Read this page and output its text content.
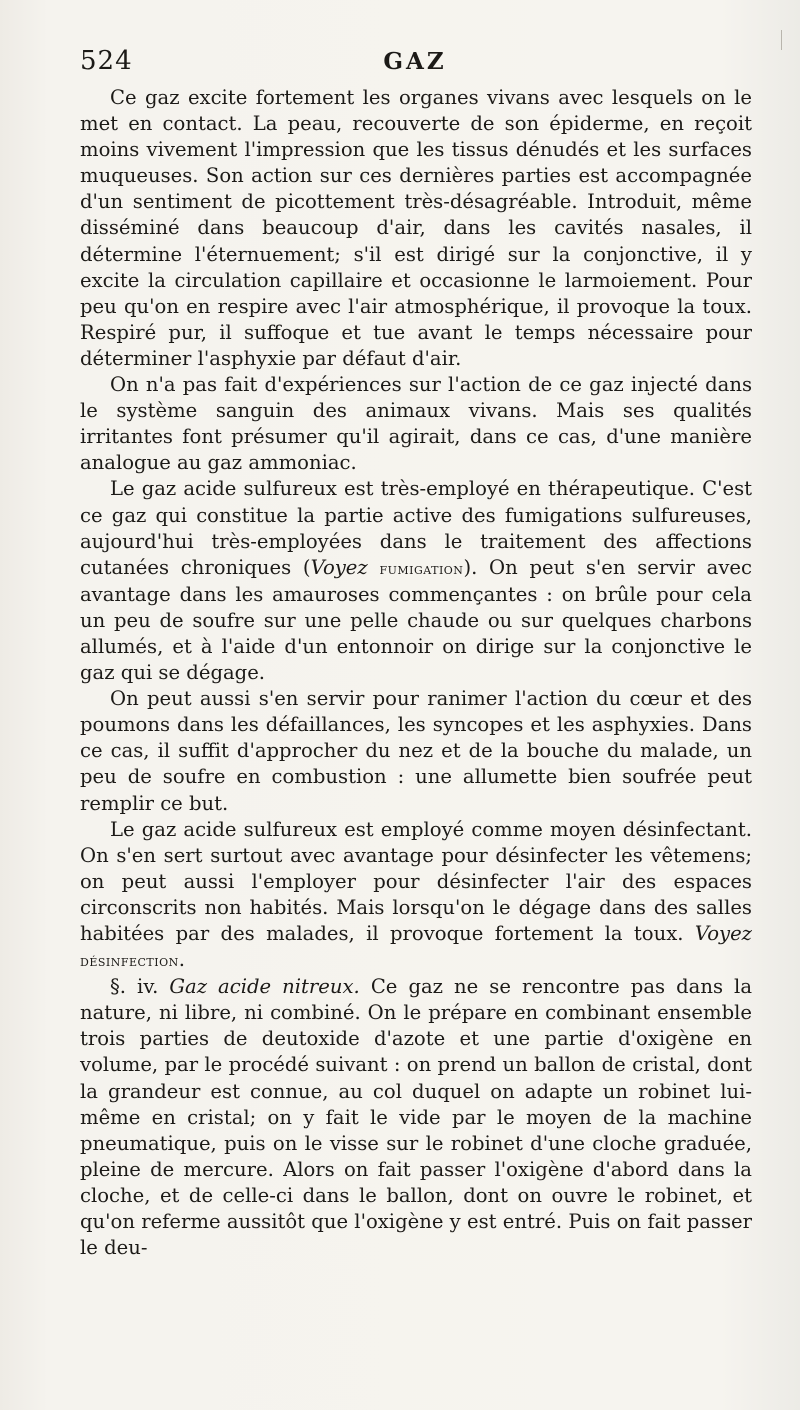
524	GAZ

Ce gaz excite fortement les organes vivans avec lesquels on le met en contact. La peau, recouverte de son épiderme, en reçoit moins vivement l'impression que les tissus dénudés et les surfaces muqueuses. Son action sur ces dernières parties est accompagnée d'un sentiment de picottement très-désagréable. Introduit, même disséminé dans beaucoup d'air, dans les cavités nasales, il détermine l'éternuement; s'il est dirigé sur la conjonctive, il y excite la circulation capillaire et occasionne le larmoiement. Pour peu qu'on en respire avec l'air atmosphérique, il provoque la toux. Respiré pur, il suffoque et tue avant le temps nécessaire pour déterminer l'asphyxie par défaut d'air.

On n'a pas fait d'expériences sur l'action de ce gaz injecté dans le système sanguin des animaux vivans. Mais ses qualités irritantes font présumer qu'il agirait, dans ce cas, d'une manière analogue au gaz ammoniac.

Le gaz acide sulfureux est très-employé en thérapeutique. C'est ce gaz qui constitue la partie active des fumigations sulfureuses, aujourd'hui très-employées dans le traitement des affections cutanées chroniques (Voyez fumigation). On peut s'en servir avec avantage dans les amauroses commençantes : on brûle pour cela un peu de soufre sur une pelle chaude ou sur quelques charbons allumés, et à l'aide d'un entonnoir on dirige sur la conjonctive le gaz qui se dégage.

On peut aussi s'en servir pour ranimer l'action du cœur et des poumons dans les défaillances, les syncopes et les asphyxies. Dans ce cas, il suffit d'approcher du nez et de la bouche du malade, un peu de soufre en combustion : une allumette bien soufrée peut remplir ce but.

Le gaz acide sulfureux est employé comme moyen désinfectant. On s'en sert surtout avec avantage pour désinfecter les vêtemens; on peut aussi l'employer pour désinfecter l'air des espaces circonscrits non habités. Mais lorsqu'on le dégage dans des salles habitées par des malades, il provoque fortement la toux. Voyez désinfection.

§. iv. Gaz acide nitreux. Ce gaz ne se rencontre pas dans la nature, ni libre, ni combiné. On le prépare en combinant ensemble trois parties de deutoxide d'azote et une partie d'oxigène en volume, par le procédé suivant : on prend un ballon de cristal, dont la grandeur est connue, au col duquel on adapte un robinet lui-même en cristal; on y fait le vide par le moyen de la machine pneumatique, puis on le visse sur le robinet d'une cloche graduée, pleine de mercure. Alors on fait passer l'oxigène d'abord dans la cloche, et de celle-ci dans le ballon, dont on ouvre le robinet, et qu'on referme aussitôt que l'oxigène y est entré. Puis on fait passer le deu-
